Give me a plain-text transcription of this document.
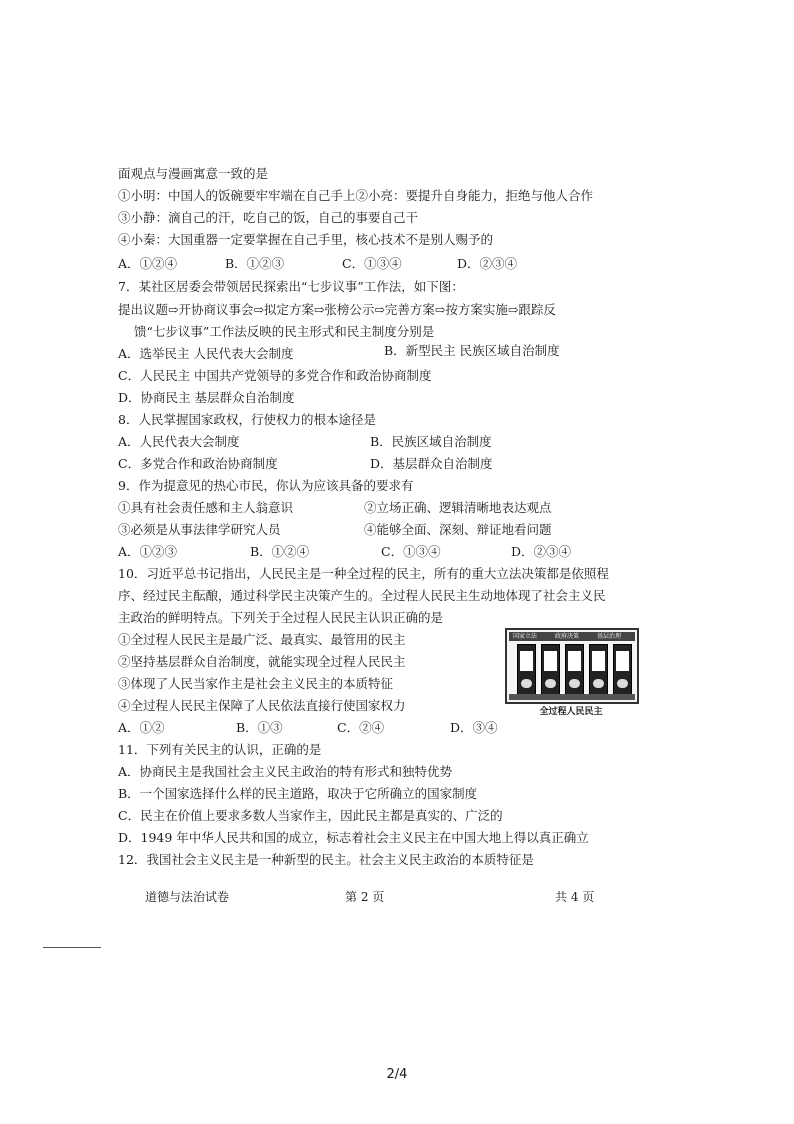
面观点与漫画寓意一致的是
①小明：中国人的饭碗要牢牢端在自己手上②小亮：要提升自身能力，拒绝与他人合作
③小静：滴自己的汗，吃自己的饭，自己的事要自己干
④小秦：大国重器一定要掌握在自己手里，核心技术不是别人赐予的
A．①②④	B．①②③	C．①③④	D．②③④
7．某社区居委会带领居民探索出“七步议事”工作法，如下图：
提出议题⇨开协商议事会⇨拟定方案⇨张榜公示⇨完善方案⇨按方案实施⇨跟踪反
馈“七步议事”工作法反映的民主形式和民主制度分别是
A．选举民主 人民代表大会制度	B．新型民主 民族区域自治制度
C．人民民主 中国共产党领导的多党合作和政治协商制度
D．协商民主 基层群众自治制度
8．人民掌握国家政权，行使权力的根本途径是
A．人民代表大会制度	B．民族区域自治制度
C．多党合作和政治协商制度	D．基层群众自治制度
9．作为提意见的热心市民，你认为应该具备的要求有
①具有社会责任感和主人翁意识	②立场正确、逻辑清晰地表达观点
③必须是从事法律学研究人员	④能够全面、深刻、辩证地看问题
A．①②③	B．①②④	C．①③④	D．②③④
10．习近平总书记指出，人民民主是一种全过程的民主，所有的重大立法决策都是依照程
序、经过民主酝酿，通过科学民主决策产生的。全过程人民民主生动地体现了社会主义民
主政治的鲜明特点。下列关于全过程人民民主认识正确的是
①全过程人民民主是最广泛、最真实、最管用的民主
②坚持基层群众自治制度，就能实现全过程人民民主
③体现了人民当家作主是社会主义民主的本质特征
④全过程人民民主保障了人民依法直接行使国家权力
A．①②	B．①③	C．②④	D．③④
国家立法	政府决策	基层治理
全过程人民民主
11．下列有关民主的认识，正确的是
A．协商民主是我国社会主义民主政治的特有形式和独特优势
B．一个国家选择什么样的民主道路，取决于它所确立的国家制度
C．民主在价值上要求多数人当家作主，因此民主都是真实的、广泛的
D．1949 年中华人民共和国的成立，标志着社会主义民主在中国大地上得以真正确立
12．我国社会主义民主是一种新型的民主。社会主义民主政治的本质特征是
道德与法治试卷	第 2 页	共 4 页
2/4
